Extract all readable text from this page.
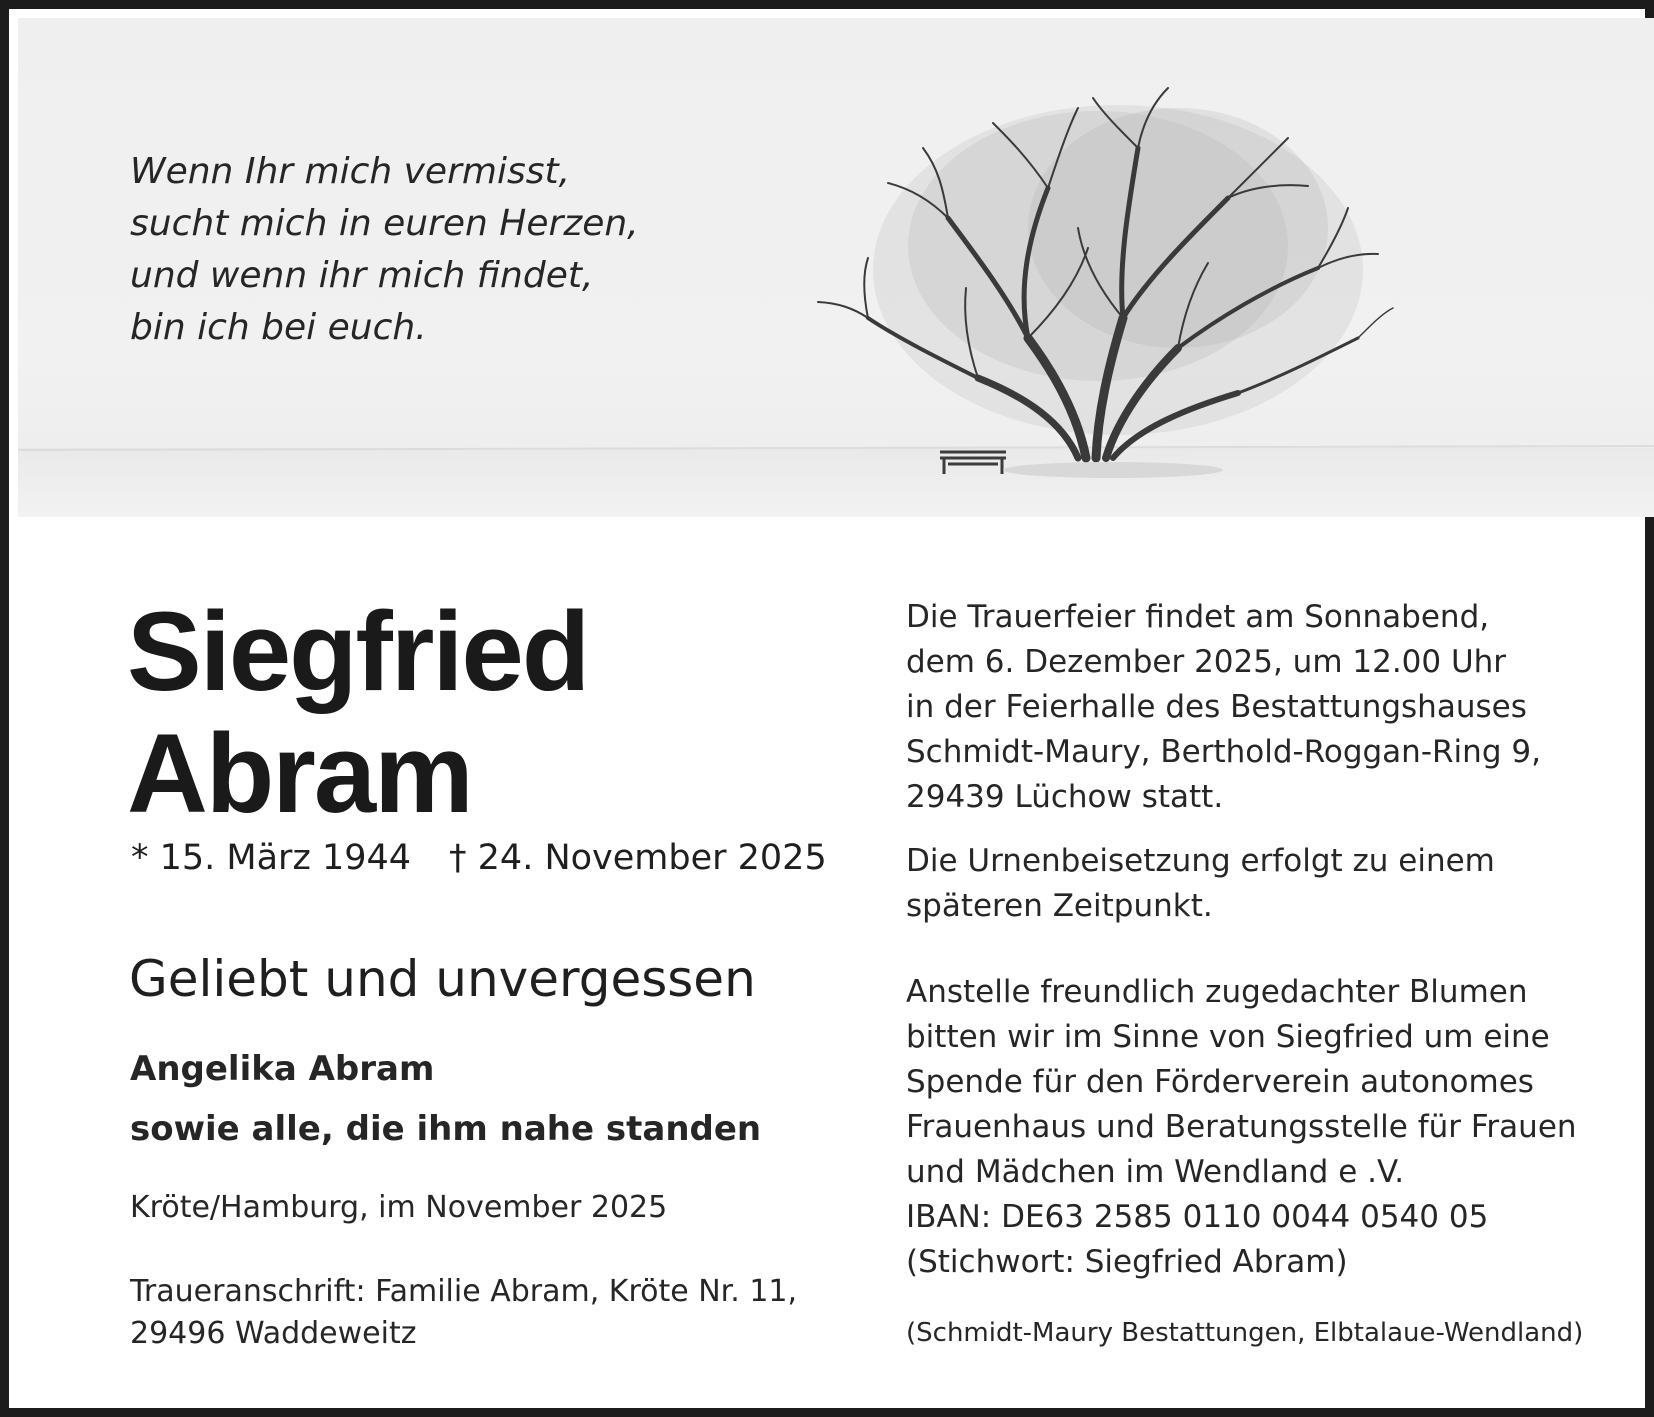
Wenn Ihr mich vermisst,
sucht mich in euren Herzen,
und wenn ihr mich findet,
bin ich bei euch.

Siegfried
Abram
* 15. März 1944 † 24. November 2025
Geliebt und unvergessen
Angelika Abram
sowie alle, die ihm nahe standen
Kröte/Hamburg, im November 2025
Traueranschrift: Familie Abram, Kröte Nr. 11,
29496 Waddeweitz
Die Trauerfeier findet am Sonnabend,
dem 6. Dezember 2025, um 12.00 Uhr
in der Feierhalle des Bestattungshauses
Schmidt-Maury, Berthold-Roggan-Ring 9,
29439 Lüchow statt.
Die Urnenbeisetzung erfolgt zu einem
späteren Zeitpunkt.
Anstelle freundlich zugedachter Blumen
bitten wir im Sinne von Siegfried um eine
Spende für den Förderverein autonomes
Frauenhaus und Beratungsstelle für Frauen
und Mädchen im Wendland e .V.
IBAN: DE63 2585 0110 0044 0540 05
(Stichwort: Siegfried Abram)
(Schmidt-Maury Bestattungen, Elbtalaue-Wendland)
